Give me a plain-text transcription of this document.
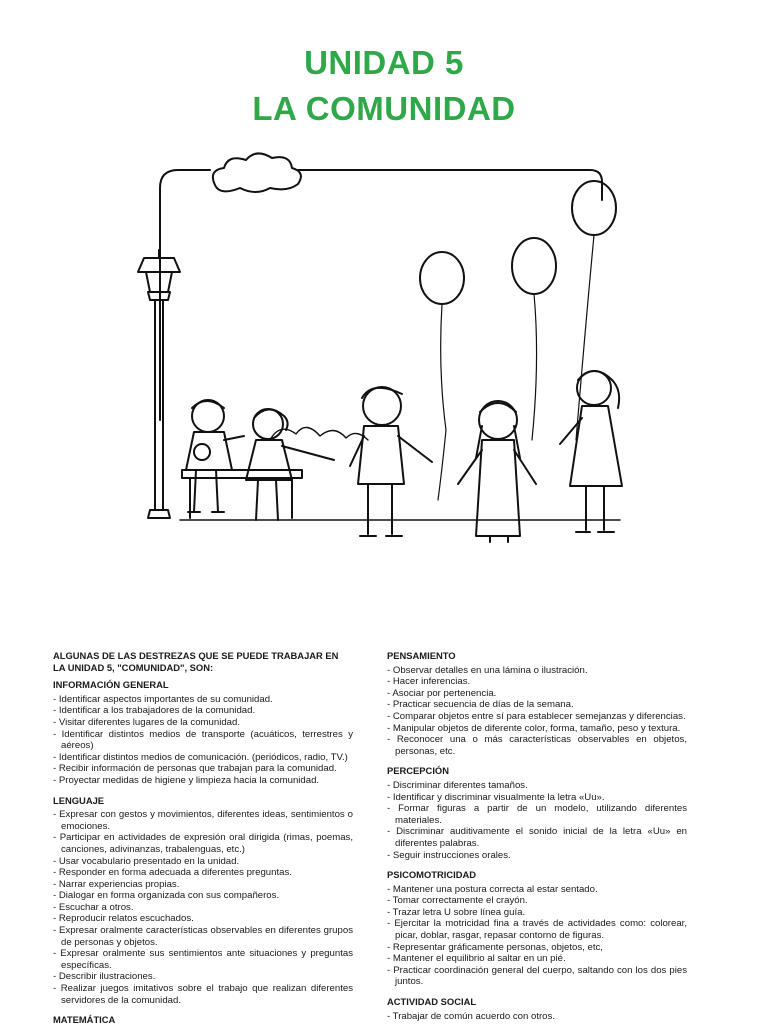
UNIDAD 5
LA COMUNIDAD

ALGUNAS DE LAS DESTREZAS QUE SE PUEDE TRABAJAR EN LA UNIDAD 5, "COMUNIDAD", SON:

INFORMACIÓN GENERAL

- Identificar aspectos importantes de su comunidad.
- Identificar a los trabajadores de la comunidad.
- Visitar diferentes lugares de la comunidad.
- Identificar distintos medios de transporte (acuáticos, terrestres y aéreos)
- Identificar distintos medios de comunicación. (periódicos, radio, TV.)
- Recibir información de personas que trabajan para la comunidad.
- Proyectar medidas de higiene y limpieza hacia la comunidad.

LENGUAJE

- Expresar con gestos y movimientos, diferentes ideas, sentimientos o emociones.
- Participar en actividades de expresión oral dirigida (rimas, poemas, canciones, adivinanzas, trabalenguas, etc.)
- Usar vocabulario presentado en la unidad.
- Responder en forma adecuada a diferentes preguntas.
- Narrar experiencias propias.
- Dialogar en forma organizada con sus compañeros.
- Escuchar a otros.
- Reproducir relatos escuchados.
- Expresar oralmente características observables en diferentes grupos de personas y objetos.
- Expresar oralmente sus sentimientos ante situaciones y preguntas específicas.
- Describir ilustraciones.
- Realizar juegos imitativos sobre el trabajo que realizan diferentes servidores de la comunidad.

MATEMÁTICA

PENSAMIENTO

- Observar detalles en una lámina o ilustración.
- Hacer inferencias.
- Asociar por pertenencia.
- Practicar secuencia de días de la semana.
- Comparar objetos entre sí para establecer semejanzas y diferencias.
- Manipular objetos de diferente color, forma, tamaño, peso y textura.
- Reconocer una o más características observables en objetos, personas, etc.

PERCEPCIÓN

- Discriminar diferentes tamaños.
- Identificar y discriminar visualmente la letra «Uu».
- Formar figuras a partir de un modelo, utilizando diferentes materiales.
- Discriminar auditivamente el sonido inicial de la letra «Uu» en diferentes palabras.
- Seguir instrucciones orales.

PSICOMOTRICIDAD

- Mantener una postura correcta al estar sentado.
- Tomar correctamente el crayón.
- Trazar letra U sobre línea guía.
- Ejercitar la motricidad fina a través de actividades como: colorear, picar, doblar, rasgar, repasar contorno de figuras.
- Representar gráficamente personas, objetos, etc,
- Mantener el equilibrio al saltar en un pié.
- Practicar coordinación general del cuerpo, saltando con los dos pies juntos.

ACTIVIDAD SOCIAL

- Trabajar de común acuerdo con otros.
